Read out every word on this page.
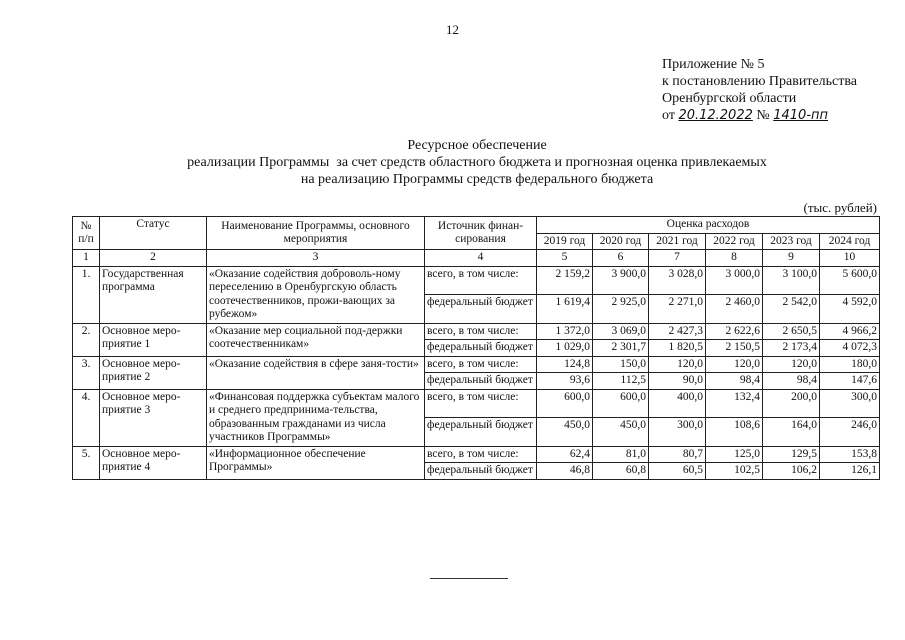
12
Приложение № 5
к постановлению Правительства
Оренбургской области
от 20.12.2022 № 1410-пп
Ресурсное обеспечение
реализации Программы  за счет средств областного бюджета и прогнозная оценка привлекаемых
на реализацию Программы средств федерального бюджета
(тыс. рублей)
№ п/п	Статус	Наименование Программы, основного мероприятия	Источник финан-сирования	Оценка расходов					
				2019 год	2020 год	2021 год	2022 год	2023 год	2024 год
1	2	3	4	5	6	7	8	9	10
1.	Государственная программа	«Оказание содействия доброволь-ному переселению в Оренбургскую область соотечественников, прожи-вающих за рубежом»	всего, в том числе:	2 159,2	3 900,0	3 028,0	3 000,0	3 100,0	5 600,0
			федеральный бюджет	1 619,4	2 925,0	2 271,0	2 460,0	2 542,0	4 592,0
2.	Основное меро-приятие 1	«Оказание мер социальной под-держки соотечественникам»	всего, в том числе:	1 372,0	3 069,0	2 427,3	2 622,6	2 650,5	4 966,2
			федеральный бюджет	1 029,0	2 301,7	1 820,5	2 150,5	2 173,4	4 072,3
3.	Основное меро-приятие 2	«Оказание содействия в сфере заня-тости»	всего, в том числе:	124,8	150,0	120,0	120,0	120,0	180,0
			федеральный бюджет	93,6	112,5	90,0	98,4	98,4	147,6
4.	Основное меро-приятие 3	«Финансовая поддержка субъектам малого и среднего предпринима-тельства, образованным гражданами из числа участников Программы»	всего, в том числе:	600,0	600,0	400,0	132,4	200,0	300,0
			федеральный бюджет	450,0	450,0	300,0	108,6	164,0	246,0
5.	Основное меро-приятие 4	«Информационное обеспечение Программы»	всего, в том числе:	62,4	81,0	80,7	125,0	129,5	153,8
			федеральный бюджет	46,8	60,8	60,5	102,5	106,2	126,1
